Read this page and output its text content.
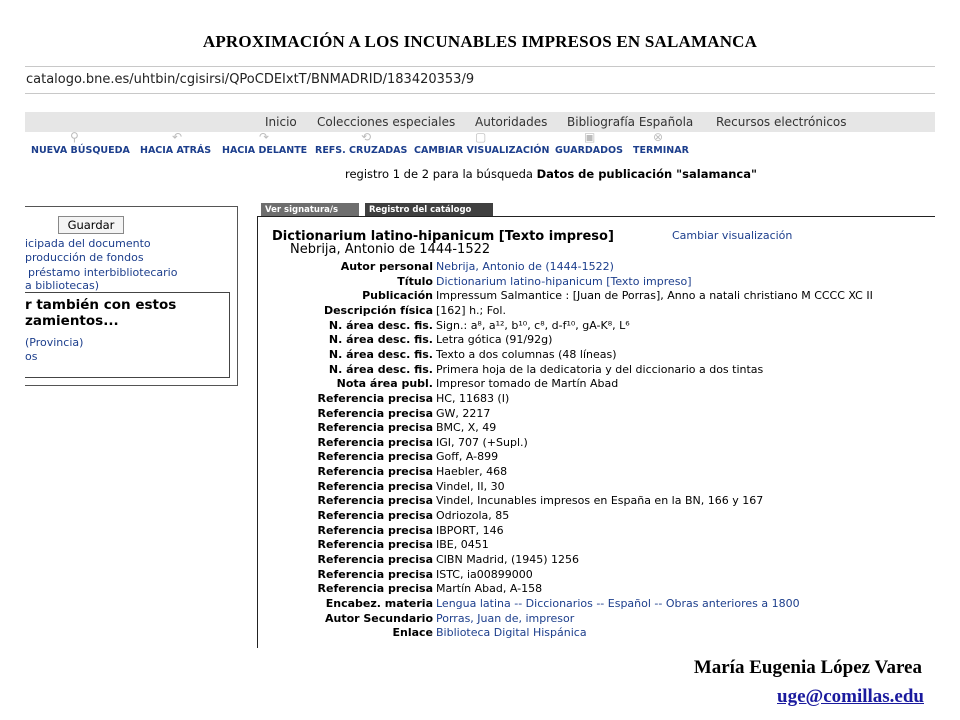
APROXIMACIÓN A LOS INCUNABLES IMPRESOS EN SALAMANCA
catalogo.bne.es/uhtbin/cgisirsi/QPoCDEIxtT/BNMADRID/183420353/9
Inicio Colecciones especiales Autoridades Bibliografía Española Recursos electrónicos
⚲
NUEVA BÚSQUEDA
↶
HACIA ATRÁS
↷
HACIA DELANTE
⟲
REFS. CRUZADAS
▢
CAMBIAR VISUALIZACIÓN
▣
GUARDADOS
⊗
TERMINAR
registro 1 de 2 para la búsqueda Datos de publicación "salamanca"
Guardar
icipada del documento
producción de fondos
préstamo interbibliotecario
a bibliotecas)
r también con estos
zamientos...
(Provincia)
os
Ver signatura/s	Registro del catálogo
Dictionarium latino-hipanicum [Texto impreso]
Nebrija, Antonio de 1444-1522
Cambiar visualización
Autor personal Nebrija, Antonio de (1444-1522)
Título Dictionarium latino-hipanicum [Texto impreso]
Publicación Impressum Salmantice : [Juan de Porras], Anno a natali christiano M CCCC XC II
Descripción física [162] h.; Fol.
N. área desc. fis. Sign.: a⁸, a¹², b¹⁰, c⁸, d-f¹⁰, gA-K⁸, L⁶
N. área desc. fis. Letra gótica (91/92g)
N. área desc. fis. Texto a dos columnas (48 líneas)
N. área desc. fis. Primera hoja de la dedicatoria y del diccionario a dos tintas
Nota área publ. Impresor tomado de Martín Abad
Referencia precisa HC, 11683 (I)
Referencia precisa GW, 2217
Referencia precisa BMC, X, 49
Referencia precisa IGI, 707 (+Supl.)
Referencia precisa Goff, A-899
Referencia precisa Haebler, 468
Referencia precisa Vindel, II, 30
Referencia precisa Vindel, Incunables impresos en España en la BN, 166 y 167
Referencia precisa Odriozola, 85
Referencia precisa IBPORT, 146
Referencia precisa IBE, 0451
Referencia precisa CIBN Madrid, (1945) 1256
Referencia precisa ISTC, ia00899000
Referencia precisa Martín Abad, A-158
Encabez. materia Lengua latina -- Diccionarios -- Español -- Obras anteriores a 1800
Autor Secundario Porras, Juan de, impresor
Enlace Biblioteca Digital Hispánica
María Eugenia López Varea
uge@comillas.edu
